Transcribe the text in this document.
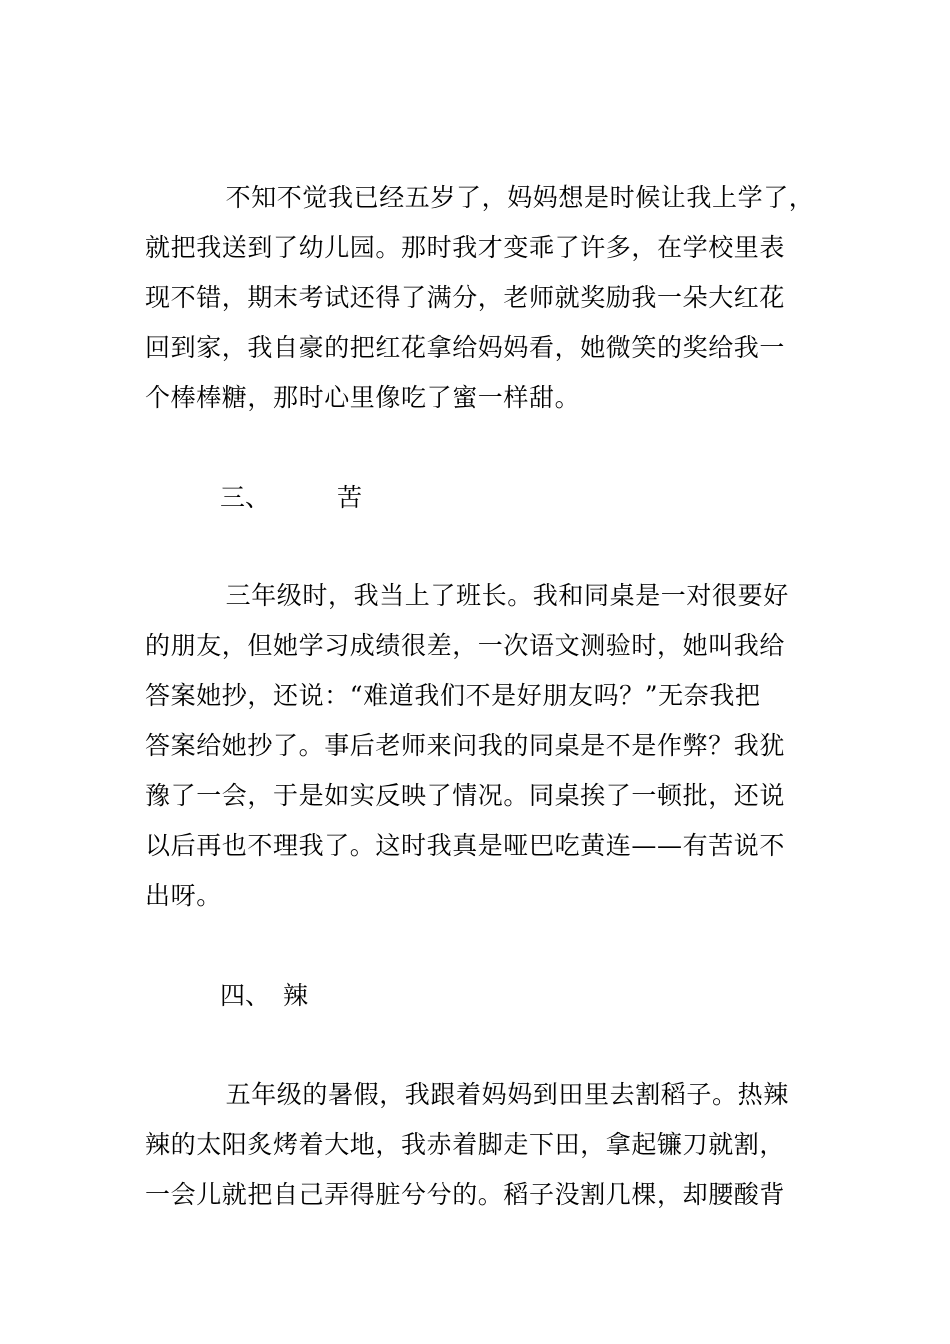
　不知不觉我已经五岁了，妈妈想是时候让我上学了，
就把我送到了幼儿园。那时我才变乖了许多，在学校里表
现不错，期末考试还得了满分，老师就奖励我一朵大红花
回到家，我自豪的把红花拿给妈妈看，她微笑的奖给我一
个棒棒糖，那时心里像吃了蜜一样甜。
三、	苦
　三年级时，我当上了班长。我和同桌是一对很要好
的朋友，但她学习成绩很差，一次语文测验时，她叫我给
答案她抄，还说：“难道我们不是好朋友吗？”无奈我把
答案给她抄了。事后老师来问我的同桌是不是作弊？我犹
豫了一会，于是如实反映了情况。同桌挨了一顿批，还说
以后再也不理我了。这时我真是哑巴吃黄连——有苦说不
出呀。
四、 辣
　五年级的暑假，我跟着妈妈到田里去割稻子。热辣
辣的太阳炙烤着大地，我赤着脚走下田，拿起镰刀就割，
一会儿就把自己弄得脏兮兮的。稻子没割几棵，却腰酸背
